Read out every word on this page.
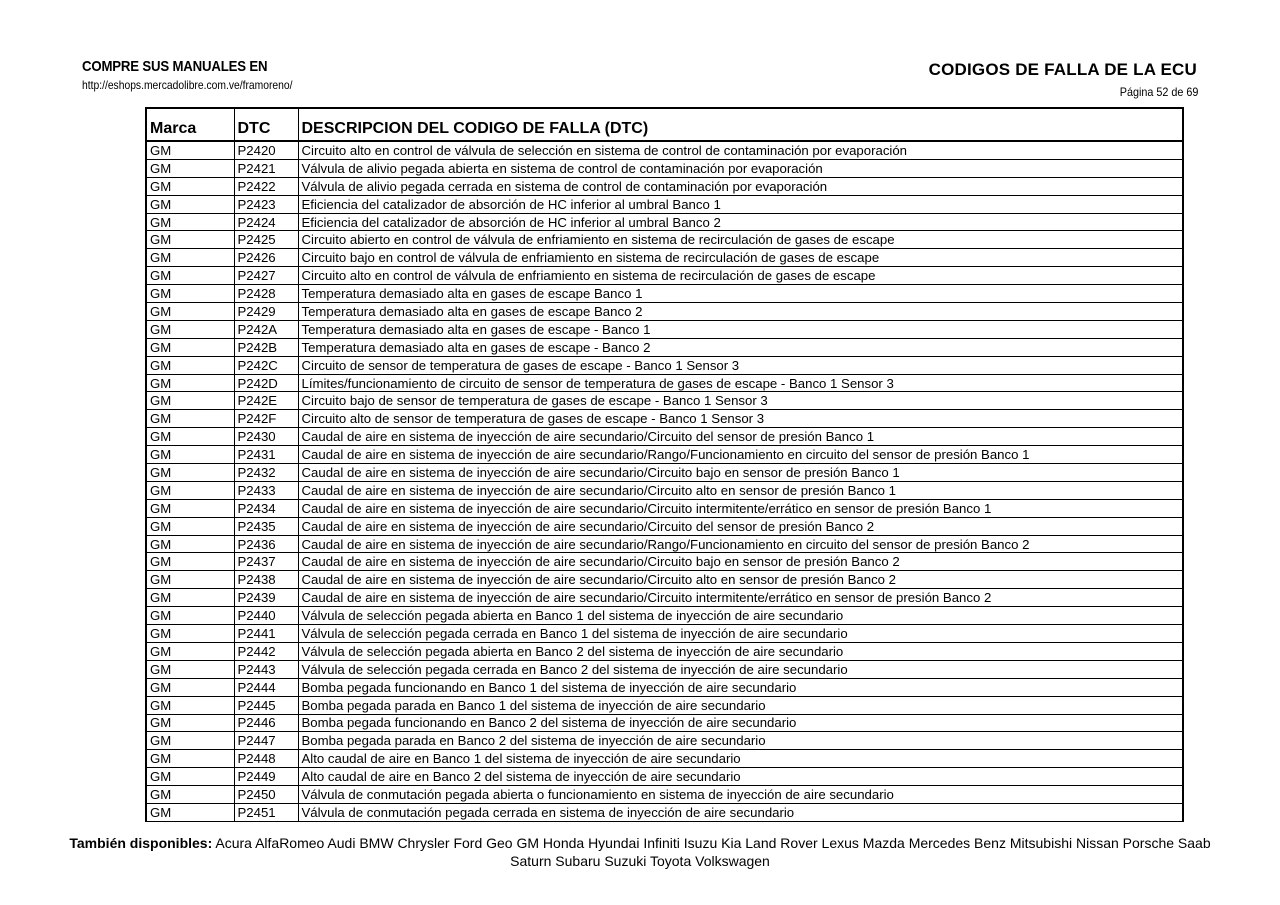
COMPRE SUS MANUALES EN
http://eshops.mercadolibre.com.ve/framoreno/
CODIGOS DE FALLA DE LA ECU
Página 52 de 69
Marca	DTC	DESCRIPCION DEL CODIGO DE FALLA (DTC)
GM	P2420	Circuito alto en control de válvula de selección en sistema de control de contaminación por evaporación
GM	P2421	Válvula de alivio pegada abierta en sistema de control de contaminación por evaporación
GM	P2422	Válvula de alivio pegada cerrada en sistema de control de contaminación por evaporación
GM	P2423	Eficiencia del catalizador de absorción de HC inferior al umbral Banco 1
GM	P2424	Eficiencia del catalizador de absorción de HC inferior al umbral Banco 2
GM	P2425	Circuito abierto en control de válvula de enfriamiento en sistema de recirculación de gases de escape
GM	P2426	Circuito bajo en control de válvula de enfriamiento en sistema de recirculación de gases de escape
GM	P2427	Circuito alto en control de válvula de enfriamiento en sistema de recirculación de gases de escape
GM	P2428	Temperatura demasiado alta en gases de escape Banco 1
GM	P2429	Temperatura demasiado alta en gases de escape Banco 2
GM	P242A	Temperatura demasiado alta en gases de escape - Banco 1
GM	P242B	Temperatura demasiado alta en gases de escape - Banco 2
GM	P242C	Circuito de sensor de temperatura de gases de escape - Banco 1 Sensor 3
GM	P242D	Límites/funcionamiento de circuito de sensor de temperatura de gases de escape - Banco 1 Sensor 3
GM	P242E	Circuito bajo de sensor de temperatura de gases de escape - Banco 1 Sensor 3
GM	P242F	Circuito alto de sensor de temperatura de gases de escape - Banco 1 Sensor 3
GM	P2430	Caudal de aire en sistema de inyección de aire secundario/Circuito del sensor de presión Banco 1
GM	P2431	Caudal de aire en sistema de inyección de aire secundario/Rango/Funcionamiento en circuito del sensor de presión Banco 1
GM	P2432	Caudal de aire en sistema de inyección de aire secundario/Circuito bajo en sensor de presión Banco 1
GM	P2433	Caudal de aire en sistema de inyección de aire secundario/Circuito alto en sensor de presión Banco 1
GM	P2434	Caudal de aire en sistema de inyección de aire secundario/Circuito intermitente/errático en sensor de presión Banco 1
GM	P2435	Caudal de aire en sistema de inyección de aire secundario/Circuito del sensor de presión Banco 2
GM	P2436	Caudal de aire en sistema de inyección de aire secundario/Rango/Funcionamiento en circuito del sensor de presión Banco 2
GM	P2437	Caudal de aire en sistema de inyección de aire secundario/Circuito bajo en sensor de presión Banco 2
GM	P2438	Caudal de aire en sistema de inyección de aire secundario/Circuito alto en sensor de presión Banco 2
GM	P2439	Caudal de aire en sistema de inyección de aire secundario/Circuito intermitente/errático en sensor de presión Banco 2
GM	P2440	Válvula de selección pegada abierta en Banco 1 del sistema de inyección de aire secundario
GM	P2441	Válvula de selección pegada cerrada en Banco 1 del sistema de inyección de aire secundario
GM	P2442	Válvula de selección pegada abierta en Banco 2 del sistema de inyección de aire secundario
GM	P2443	Válvula de selección pegada cerrada en Banco 2 del sistema de inyección de aire secundario
GM	P2444	Bomba pegada funcionando en Banco 1 del sistema de inyección de aire secundario
GM	P2445	Bomba pegada parada en Banco 1 del sistema de inyección de aire secundario
GM	P2446	Bomba pegada funcionando en Banco 2 del sistema de inyección de aire secundario
GM	P2447	Bomba pegada parada en Banco 2 del sistema de inyección de aire secundario
GM	P2448	Alto caudal de aire en Banco 1 del sistema de inyección de aire secundario
GM	P2449	Alto caudal de aire en Banco 2 del sistema de inyección de aire secundario
GM	P2450	Válvula de conmutación pegada abierta o funcionamiento en sistema de inyección de aire secundario
GM	P2451	Válvula de conmutación pegada cerrada en sistema de inyección de aire secundario
También disponibles: Acura AlfaRomeo Audi BMW Chrysler Ford Geo GM Honda Hyundai Infiniti Isuzu Kia Land Rover Lexus Mazda Mercedes Benz Mitsubishi Nissan Porsche Saab Saturn Subaru Suzuki Toyota Volkswagen
